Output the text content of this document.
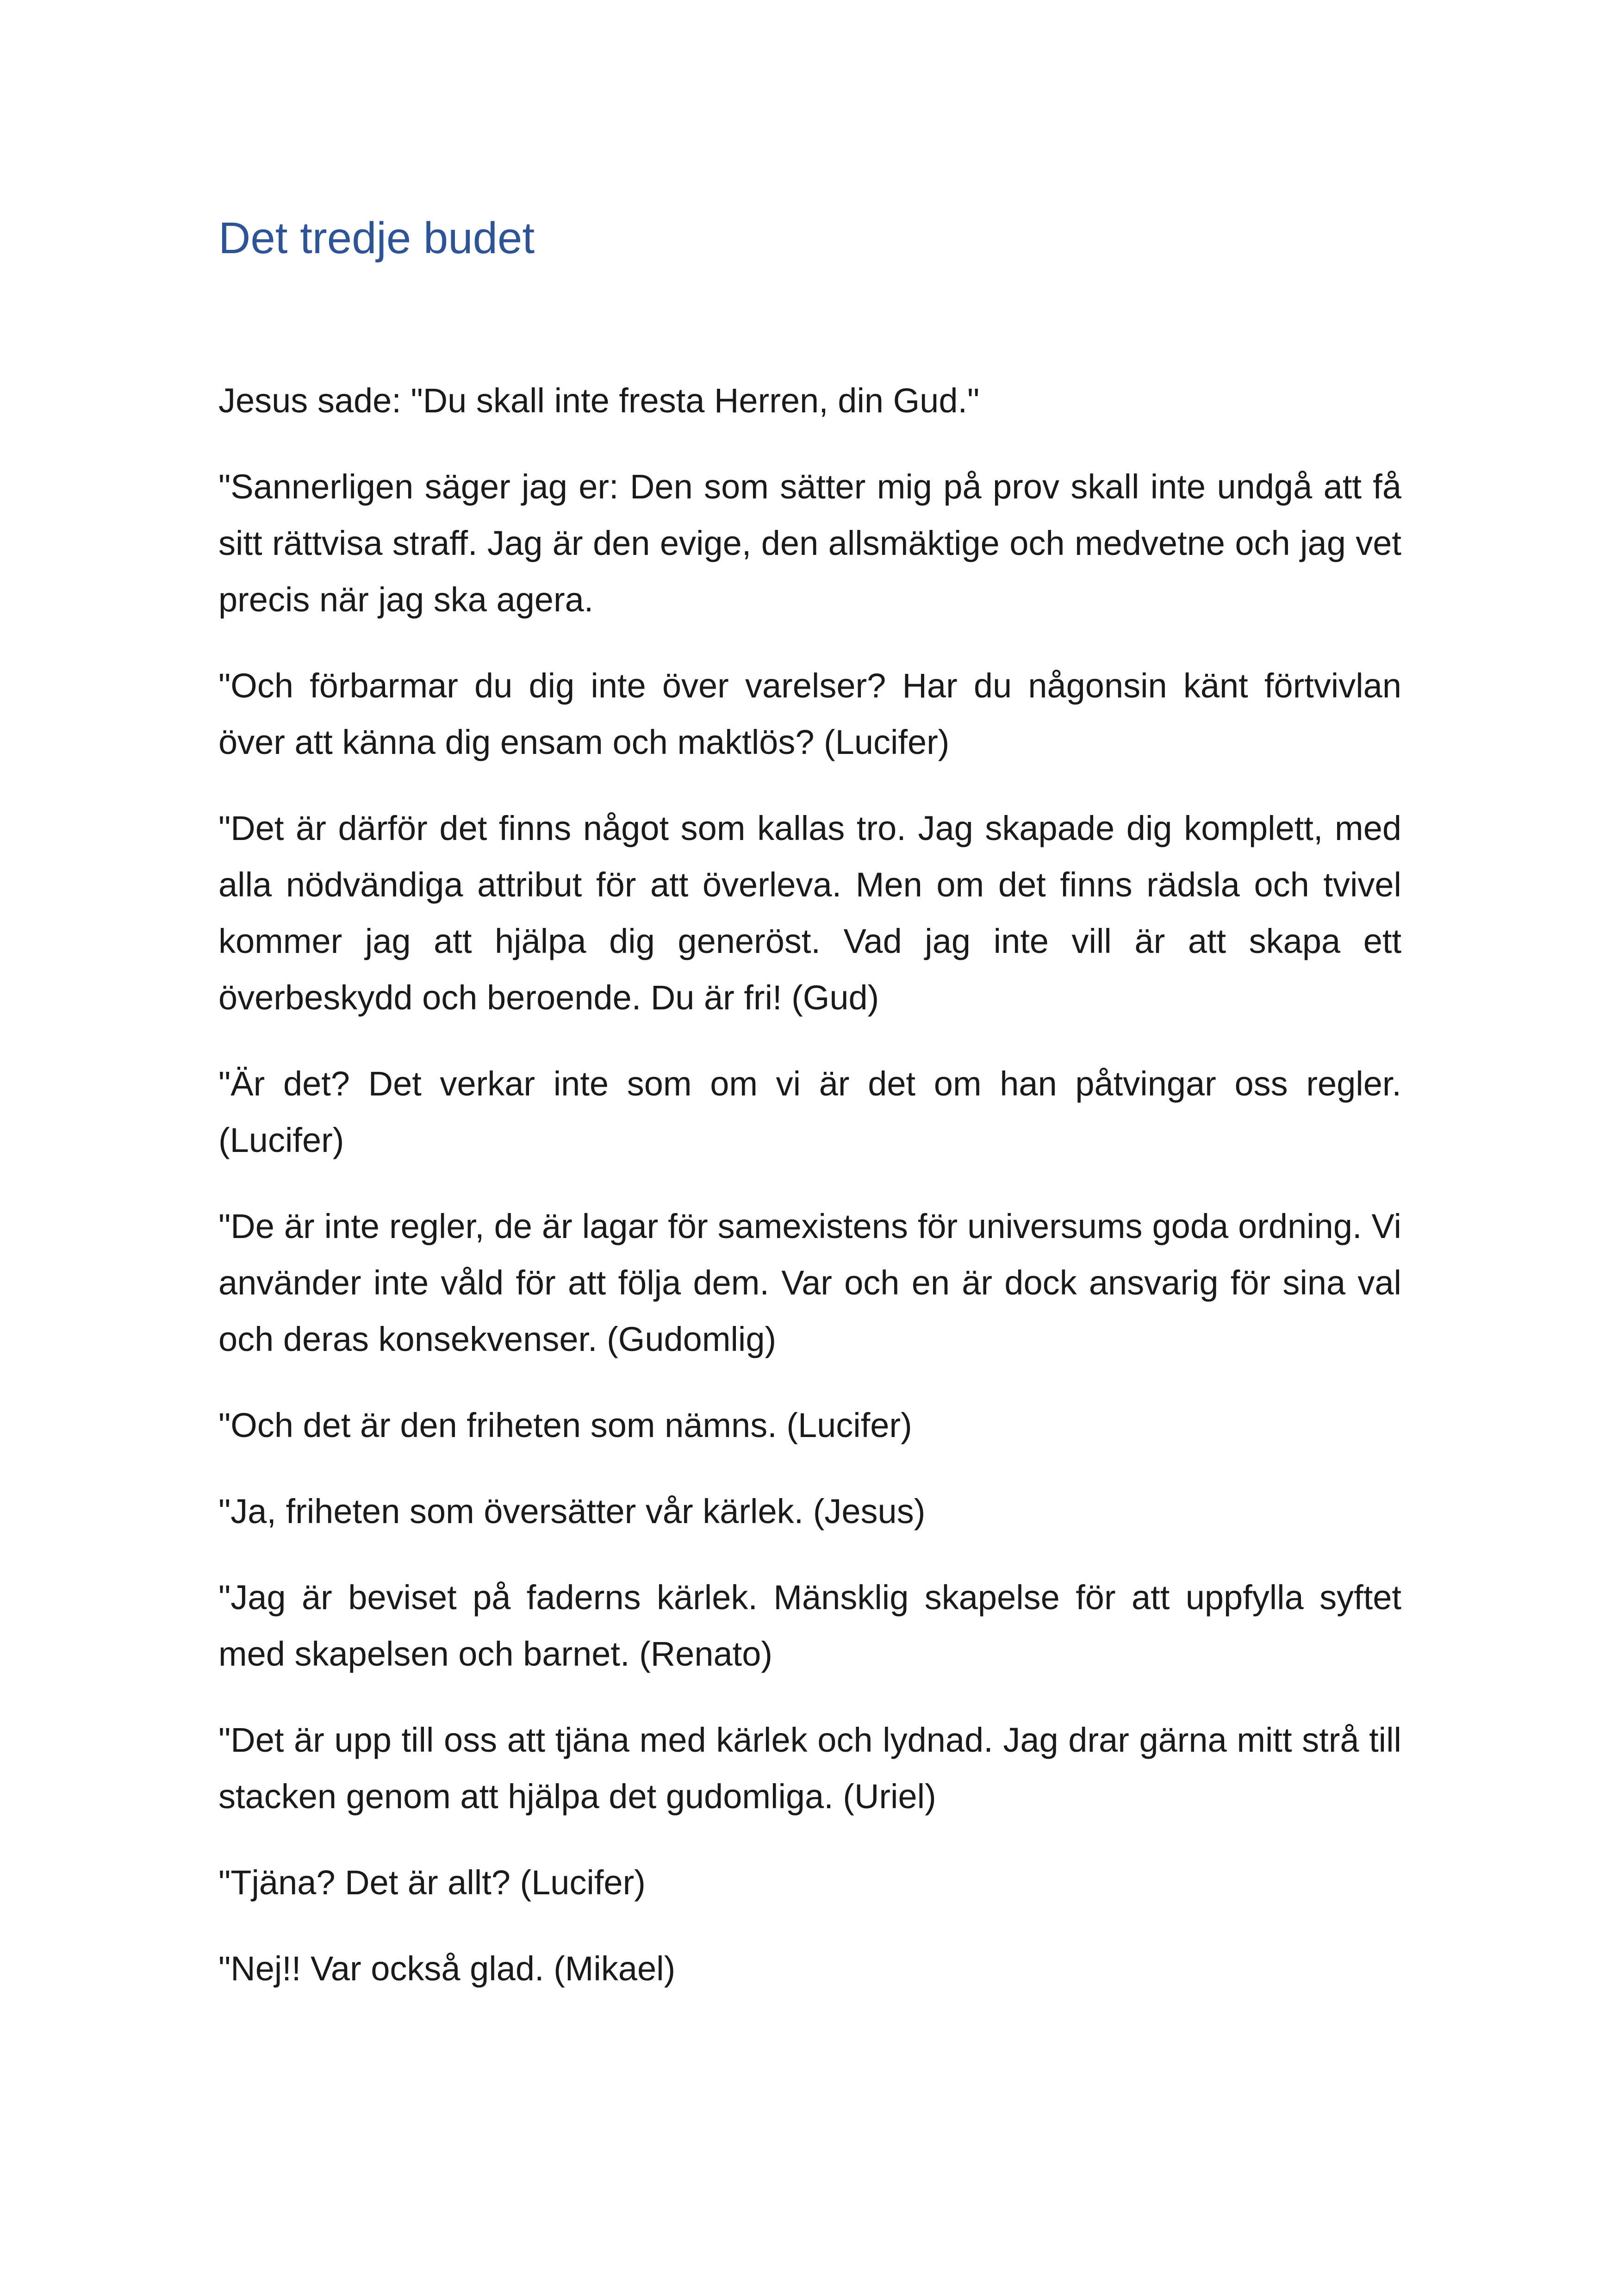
Det tredje budet

Jesus sade: "Du skall inte fresta Herren, din Gud."

"Sannerligen säger jag er: Den som sätter mig på prov skall inte undgå att få sitt rättvisa straff. Jag är den evige, den allsmäktige och medvetne och jag vet precis när jag ska agera.

"Och förbarmar du dig inte över varelser? Har du någonsin känt förtvivlan över att känna dig ensam och maktlös? (Lucifer)

"Det är därför det finns något som kallas tro. Jag skapade dig komplett, med alla nödvändiga attribut för att överleva. Men om det finns rädsla och tvivel kommer jag att hjälpa dig generöst. Vad jag inte vill är att skapa ett överbeskydd och beroende. Du är fri! (Gud)

"Är det? Det verkar inte som om vi är det om han påtvingar oss regler. (Lucifer)

"De är inte regler, de är lagar för samexistens för universums goda ordning. Vi använder inte våld för att följa dem. Var och en är dock ansvarig för sina val och deras konsekvenser. (Gudomlig)

"Och det är den friheten som nämns. (Lucifer)

"Ja, friheten som översätter vår kärlek. (Jesus)

"Jag är beviset på faderns kärlek. Mänsklig skapelse för att uppfylla syftet med skapelsen och barnet. (Renato)

"Det är upp till oss att tjäna med kärlek och lydnad. Jag drar gärna mitt strå till stacken genom att hjälpa det gudomliga. (Uriel)

"Tjäna? Det är allt? (Lucifer)

"Nej!! Var också glad. (Mikael)
